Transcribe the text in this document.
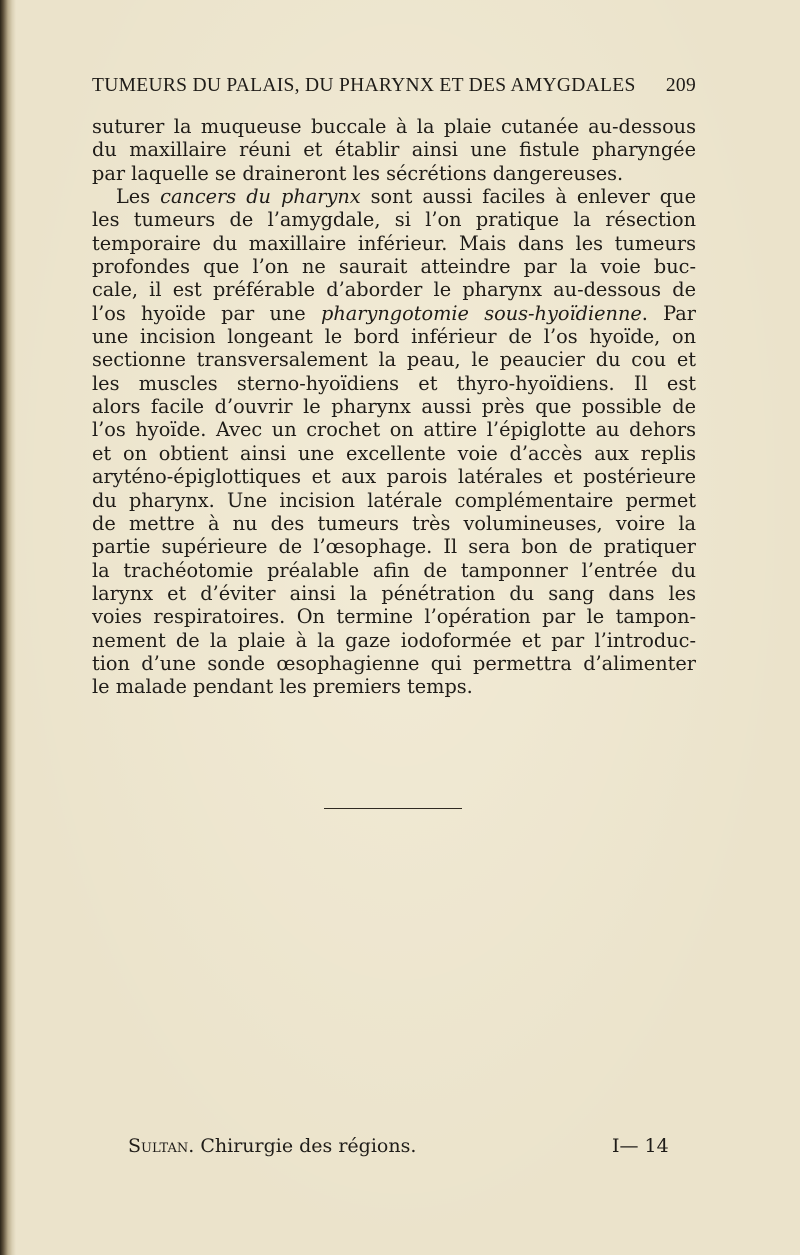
TUMEURS DU PALAIS, DU PHARYNX ET DES AMYGDALES 209
suturer la muqueuse buccale à la plaie cutanée au-dessous
du maxillaire réuni et établir ainsi une fistule pharyngée
par laquelle se draineront les sécrétions dangereuses.
Les cancers du pharynx sont aussi faciles à enlever que
les tumeurs de l’amygdale, si l’on pratique la résection
temporaire du maxillaire inférieur. Mais dans les tumeurs
profondes que l’on ne saurait atteindre par la voie buc-
cale, il est préférable d’aborder le pharynx au-dessous de
l’os hyoïde par une pharyngotomie sous-hyoïdienne. Par
une incision longeant le bord inférieur de l’os hyoïde, on
sectionne transversalement la peau, le peaucier du cou et
les muscles sterno-hyoïdiens et thyro-hyoïdiens. Il est
alors facile d’ouvrir le pharynx aussi près que possible de
l’os hyoïde. Avec un crochet on attire l’épiglotte au dehors
et on obtient ainsi une excellente voie d’accès aux replis
aryténo-épiglottiques et aux parois latérales et postérieure
du pharynx. Une incision latérale complémentaire permet
de mettre à nu des tumeurs très volumineuses, voire la
partie supérieure de l’œsophage. Il sera bon de pratiquer
la trachéotomie préalable afin de tamponner l’entrée du
larynx et d’éviter ainsi la pénétration du sang dans les
voies respiratoires. On termine l’opération par le tampon-
nement de la plaie à la gaze iodoformée et par l’introduc-
tion d’une sonde œsophagienne qui permettra d’alimenter
le malade pendant les premiers temps.
Sultan. Chirurgie des régions.	I— 14
